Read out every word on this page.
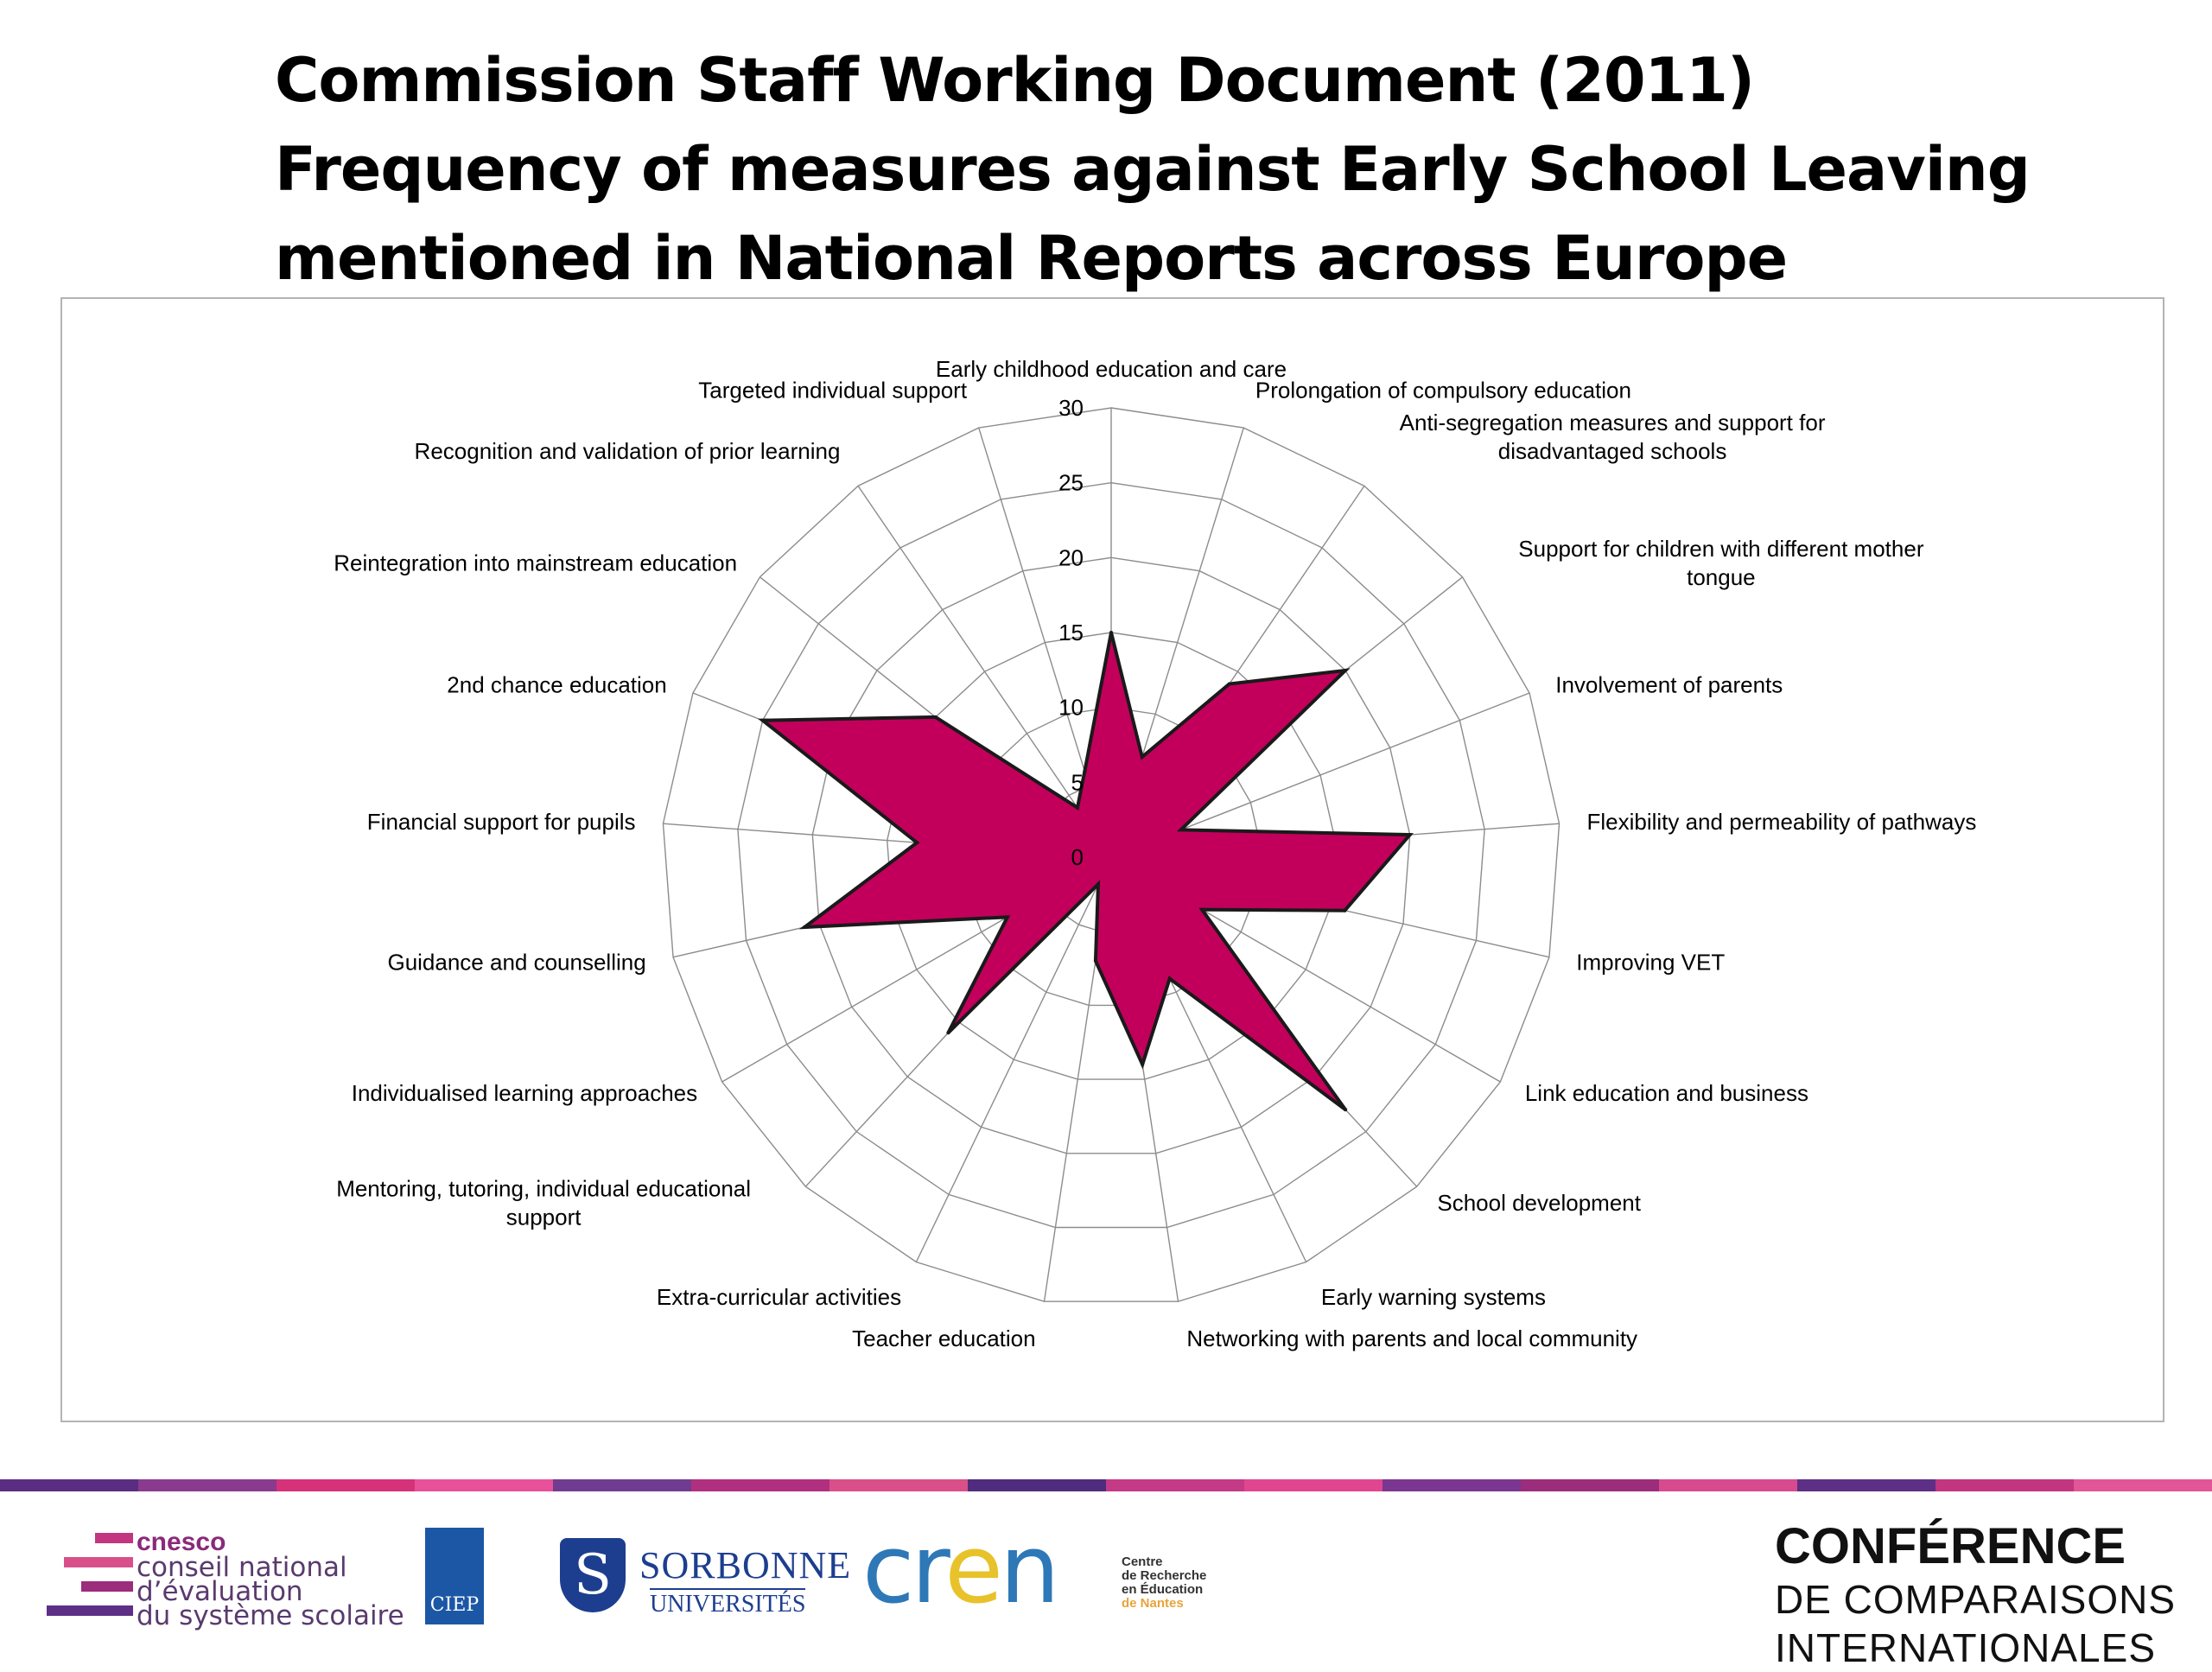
Commission Staff Working Document (2011)
Frequency of measures against Early School Leaving
mentioned in National Reports across Europe
0
5
10
15
20
25
30
Early childhood education and care
Prolongation of compulsory education
Anti-segregation measures and support for disadvantaged schools
Support for children with different mother tongue
Involvement of parents
Flexibility and permeability of pathways
Improving VET
Link education and business
School development
Early warning systems
Networking with parents and local community
Teacher education
Extra-curricular activities
Mentoring, tutoring, individual educational support
Individualised learning approaches
Guidance and counselling
Financial support for pupils
2nd chance education
Reintegration into mainstream education
Recognition and validation of prior learning
Targeted individual support
cnesco
conseil national
d’évaluation
du système scolaire CIEP S SORBONNE
UNIVERSITÉS cren	Centre
de Recherche
en Éducation
de Nantes
CONFÉRENCE
DE COMPARAISONS
INTERNATIONALES
